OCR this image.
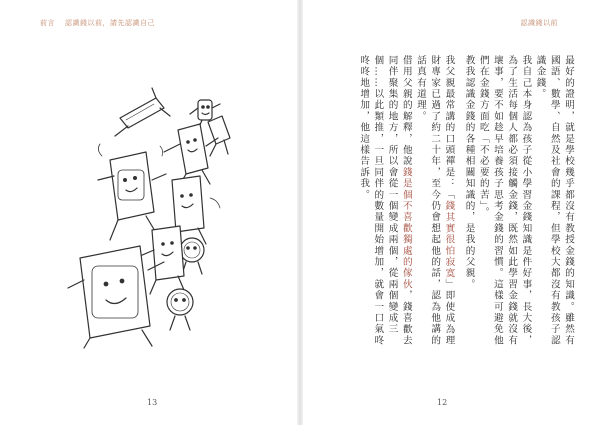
前言 認識錢以前，請先認識自己	認識錢以前

最好的證明，就是學校幾乎都沒有教授金錢的知識。雖然有國語、數學、自然及社會的課程，但學校大都沒有教孩子認識金錢。

我自己本身認為孩子從小學習金錢知識是件好事，長大後，為了生活每個人都必須接觸金錢，既然如此學習金錢就沒有壞事，要不如趁早培養孩子思考金錢的習慣。這樣可避免他們在金錢方面吃「不必要的苦」。

教我認識金錢的各種相關知識的，是我的父親。

我父親最常講的口頭禪是：「錢其實很怕寂寞」即使成為理財專家已過了約二十年，至今仍會想起他的話，認為他講的話真有道理。

借用父親的解釋，他說錢是個不喜歡獨處的傢伙，錢喜歡去同伴聚集的地方，所以會從一個變成兩個，從兩個變成三個……以此類推，一旦同伴的數量開始增加，就會一口氣咚咚咚地增加，他這樣告訴我。

13	12
